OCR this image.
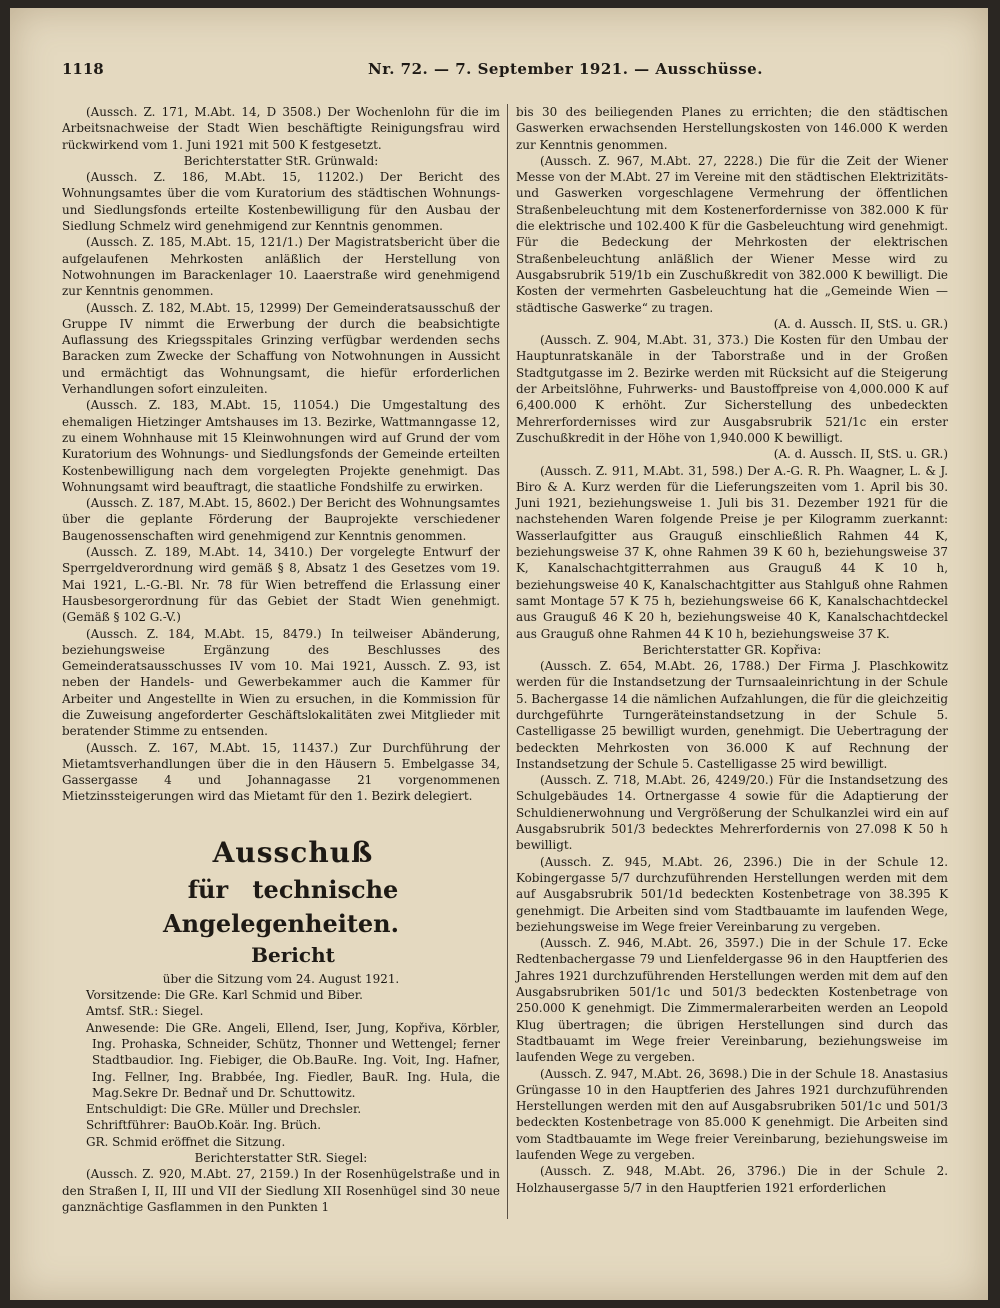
1118	Nr. 72. — 7. September 1921. — Ausschüsse.

(Aussch. Z. 171, M.Abt. 14, D 3508.) Der Wochenlohn für die im Arbeitsnachweise der Stadt Wien beschäftigte Reinigungsfrau wird rückwirkend vom 1. Juni 1921 mit 500 K festgesetzt.

Berichterstatter StR. Grünwald:

(Aussch. Z. 186, M.Abt. 15, 11202.) Der Bericht des Wohnungsamtes über die vom Kuratorium des städtischen Wohnungs- und Siedlungsfonds erteilte Kostenbewilligung für den Ausbau der Siedlung Schmelz wird genehmigend zur Kenntnis genommen.

(Aussch. Z. 185, M.Abt. 15, 121/1.) Der Magistratsbericht über die aufgelaufenen Mehrkosten anläßlich der Herstellung von Notwohnungen im Barackenlager 10. Laaerstraße wird genehmigend zur Kenntnis genommen.

(Aussch. Z. 182, M.Abt. 15, 12999) Der Gemeinderatsausschuß der Gruppe IV nimmt die Erwerbung der durch die beabsichtigte Auflassung des Kriegsspitales Grinzing verfügbar werdenden sechs Baracken zum Zwecke der Schaffung von Notwohnungen in Aussicht und ermächtigt das Wohnungsamt, die hiefür erforderlichen Verhandlungen sofort einzuleiten.

(Aussch. Z. 183, M.Abt. 15, 11054.) Die Umgestaltung des ehemaligen Hietzinger Amtshauses im 13. Bezirke, Wattmanngasse 12, zu einem Wohnhause mit 15 Kleinwohnungen wird auf Grund der vom Kuratorium des Wohnungs- und Siedlungsfonds der Gemeinde erteilten Kostenbewilligung nach dem vorgelegten Projekte genehmigt. Das Wohnungsamt wird beauftragt, die staatliche Fondshilfe zu erwirken.

(Aussch. Z. 187, M.Abt. 15, 8602.) Der Bericht des Wohnungsamtes über die geplante Förderung der Bauprojekte verschiedener Baugenossenschaften wird genehmigend zur Kenntnis genommen.

(Aussch. Z. 189, M.Abt. 14, 3410.) Der vorgelegte Entwurf der Sperrgeldverordnung wird gemäß § 8, Absatz 1 des Gesetzes vom 19. Mai 1921, L.-G.-Bl. Nr. 78 für Wien betreffend die Erlassung einer Hausbesorgerordnung für das Gebiet der Stadt Wien genehmigt. (Gemäß § 102 G.-V.)

(Aussch. Z. 184, M.Abt. 15, 8479.) In teilweiser Abänderung, beziehungsweise Ergänzung des Beschlusses des Gemeinderatsausschusses IV vom 10. Mai 1921, Aussch. Z. 93, ist neben der Handels- und Gewerbekammer auch die Kammer für Arbeiter und Angestellte in Wien zu ersuchen, in die Kommission für die Zuweisung angeforderter Geschäftslokalitäten zwei Mitglieder mit beratender Stimme zu entsenden.

(Aussch. Z. 167, M.Abt. 15, 11437.) Zur Durchführung der Mietamtsverhandlungen über die in den Häusern 5. Embelgasse 34, Gassergasse 4 und Johannagasse 21 vorgenommenen Mietzinssteigerungen wird das Mietamt für den 1. Bezirk delegiert.

Ausschuß

für technische Angelegenheiten.

Bericht

über die Sitzung vom 24. August 1921.

Vorsitzende: Die GRe. Karl Schmid und Biber.

Amtsf. StR.: Siegel.

Anwesende: Die GRe. Angeli, Ellend, Iser, Jung, Kopřiva, Körbler, Ing. Prohaska, Schneider, Schütz, Thonner und Wettengel; ferner Stadtbaudior. Ing. Fiebiger, die Ob.BauRe. Ing. Voit, Ing. Hafner, Ing. Fellner, Ing. Brabbée, Ing. Fiedler, BauR. Ing. Hula, die Mag.Sekre Dr. Bednař und Dr. Schuttowitz.

Entschuldigt: Die GRe. Müller und Drechsler.

Schriftführer: BauOb.Koär. Ing. Brüch.

GR. Schmid eröffnet die Sitzung.

Berichterstatter StR. Siegel:

(Aussch. Z. 920, M.Abt. 27, 2159.) In der Rosenhügelstraße und in den Straßen I, II, III und VII der Siedlung XII Rosenhügel sind 30 neue ganznächtige Gasflammen in den Punkten 1

bis 30 des beiliegenden Planes zu errichten; die den städtischen Gaswerken erwachsenden Herstellungskosten von 146.000 K werden zur Kenntnis genommen.

(Aussch. Z. 967, M.Abt. 27, 2228.) Die für die Zeit der Wiener Messe von der M.Abt. 27 im Vereine mit den städtischen Elektrizitäts- und Gaswerken vorgeschlagene Vermehrung der öffentlichen Straßenbeleuchtung mit dem Kostenerfordernisse von 382.000 K für die elektrische und 102.400 K für die Gasbeleuchtung wird genehmigt. Für die Bedeckung der Mehrkosten der elektrischen Straßenbeleuchtung anläßlich der Wiener Messe wird zu Ausgabsrubrik 519/1b ein Zuschußkredit von 382.000 K bewilligt. Die Kosten der vermehrten Gasbeleuchtung hat die „Gemeinde Wien — städtische Gaswerke“ zu tragen.

(A. d. Aussch. II, StS. u. GR.)

(Aussch. Z. 904, M.Abt. 31, 373.) Die Kosten für den Umbau der Hauptunratskanäle in der Taborstraße und in der Großen Stadtgutgasse im 2. Bezirke werden mit Rücksicht auf die Steigerung der Arbeitslöhne, Fuhrwerks- und Baustoffpreise von 4,000.000 K auf 6,400.000 K erhöht. Zur Sicherstellung des unbedeckten Mehrerfordernisses wird zur Ausgabsrubrik 521/1c ein erster Zuschußkredit in der Höhe von 1,940.000 K bewilligt.

(A. d. Aussch. II, StS. u. GR.)

(Aussch. Z. 911, M.Abt. 31, 598.) Der A.-G. R. Ph. Waagner, L. & J. Biro & A. Kurz werden für die Lieferungszeiten vom 1. April bis 30. Juni 1921, beziehungsweise 1. Juli bis 31. Dezember 1921 für die nachstehenden Waren folgende Preise je per Kilogramm zuerkannt: Wasserlaufgitter aus Grauguß einschließlich Rahmen 44 K, beziehungsweise 37 K, ohne Rahmen 39 K 60 h, beziehungsweise 37 K, Kanalschachtgitterrahmen aus Grauguß 44 K 10 h, beziehungsweise 40 K, Kanalschachtgitter aus Stahlguß ohne Rahmen samt Montage 57 K 75 h, beziehungsweise 66 K, Kanalschachtdeckel aus Grauguß 46 K 20 h, beziehungsweise 40 K, Kanalschachtdeckel aus Grauguß ohne Rahmen 44 K 10 h, beziehungsweise 37 K.

Berichterstatter GR. Kopřiva:

(Aussch. Z. 654, M.Abt. 26, 1788.) Der Firma J. Plaschkowitz werden für die Instandsetzung der Turnsaaleinrichtung in der Schule 5. Bachergasse 14 die nämlichen Aufzahlungen, die für die gleichzeitig durchgeführte Turngeräteinstandsetzung in der Schule 5. Castelligasse 25 bewilligt wurden, genehmigt. Die Uebertragung der bedeckten Mehrkosten von 36.000 K auf Rechnung der Instandsetzung der Schule 5. Castelligasse 25 wird bewilligt.

(Aussch. Z. 718, M.Abt. 26, 4249/20.) Für die Instandsetzung des Schulgebäudes 14. Ortnergasse 4 sowie für die Adaptierung der Schuldienerwohnung und Vergrößerung der Schulkanzlei wird ein auf Ausgabsrubrik 501/3 bedecktes Mehrerfordernis von 27.098 K 50 h bewilligt.

(Aussch. Z. 945, M.Abt. 26, 2396.) Die in der Schule 12. Kobingergasse 5/7 durchzuführenden Herstellungen werden mit dem auf Ausgabsrubrik 501/1d bedeckten Kostenbetrage von 38.395 K genehmigt. Die Arbeiten sind vom Stadtbauamte im laufenden Wege, beziehungsweise im Wege freier Vereinbarung zu vergeben.

(Aussch. Z. 946, M.Abt. 26, 3597.) Die in der Schule 17. Ecke Redtenbachergasse 79 und Lienfeldergasse 96 in den Hauptferien des Jahres 1921 durchzuführenden Herstellungen werden mit dem auf den Ausgabsrubriken 501/1c und 501/3 bedeckten Kostenbetrage von 250.000 K genehmigt. Die Zimmermalerarbeiten werden an Leopold Klug übertragen; die übrigen Herstellungen sind durch das Stadtbauamt im Wege freier Vereinbarung, beziehungsweise im laufenden Wege zu vergeben.

(Aussch. Z. 947, M.Abt. 26, 3698.) Die in der Schule 18. Anastasius Grüngasse 10 in den Hauptferien des Jahres 1921 durchzuführenden Herstellungen werden mit den auf Ausgabsrubriken 501/1c und 501/3 bedeckten Kostenbetrage von 85.000 K genehmigt. Die Arbeiten sind vom Stadtbauamte im Wege freier Vereinbarung, beziehungsweise im laufenden Wege zu vergeben.

(Aussch. Z. 948, M.Abt. 26, 3796.) Die in der Schule 2. Holzhausergasse 5/7 in den Hauptferien 1921 erforderlichen
